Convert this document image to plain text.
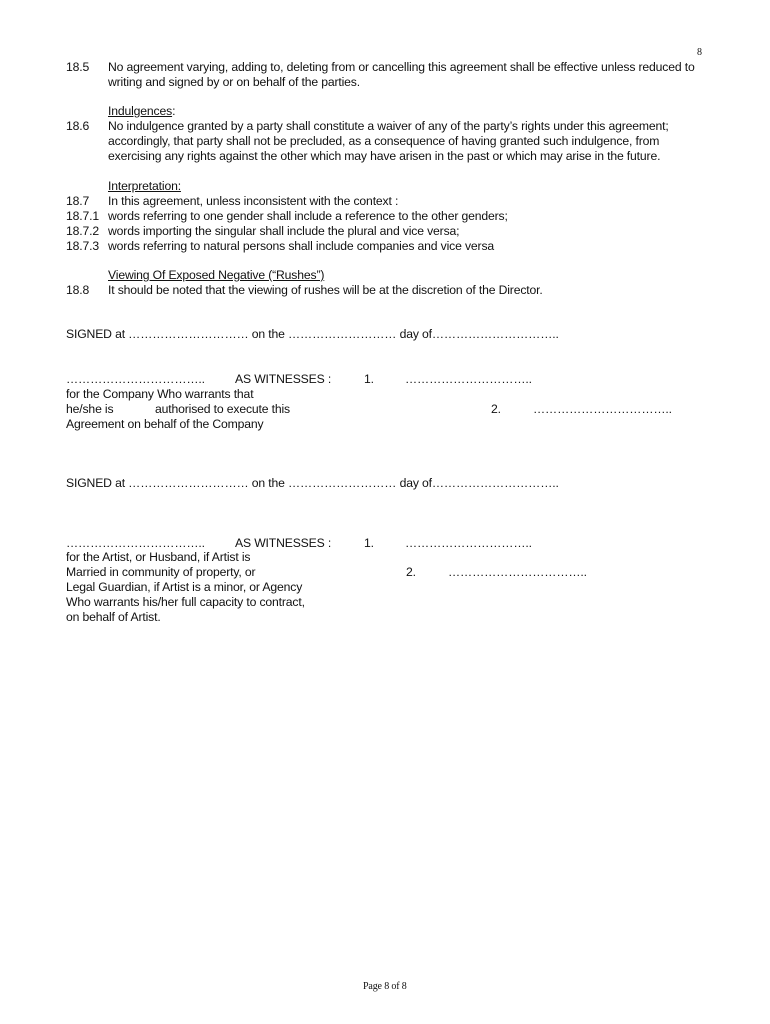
8
18.5 No agreement varying, adding to, deleting from or cancelling this agreement shall be effective unless reduced to
writing and signed by or on behalf of the parties.
Indulgences:
18.6 No indulgence granted by a party shall constitute a waiver of any of the party’s rights under this agreement;
accordingly, that party shall not be precluded, as a consequence of having granted such indulgence, from
exercising any rights against the other which may have arisen in the past or which may arise in the future.
Interpretation:
18.7 In this agreement, unless inconsistent with the context :
18.7.1 words referring to one gender shall include a reference to the other genders;
18.7.2 words importing the singular shall include the plural and vice versa;
18.7.3 words referring to natural persons shall include companies and vice versa
Viewing Of Exposed Negative (“Rushes”)
18.8 It should be noted that the viewing of rushes will be at the discretion of the Director.
SIGNED at ………………………… on the ……………………… day of…………………………..
…………………………….. AS WITNESSES :	1.	…………………………..
for the Company Who warrants that
he/she is	authorised to execute this	2.	……………………………..
Agreement on behalf of the Company
SIGNED at ………………………… on the ……………………… day of…………………………..
…………………………….. AS WITNESSES :	1.	…………………………..
for the Artist, or Husband, if Artist is
Married in community of property, or	2.	……………………………..
Legal Guardian, if Artist is a minor, or Agency
Who warrants his/her full capacity to contract,
on behalf of Artist.
Page 8 of 8
